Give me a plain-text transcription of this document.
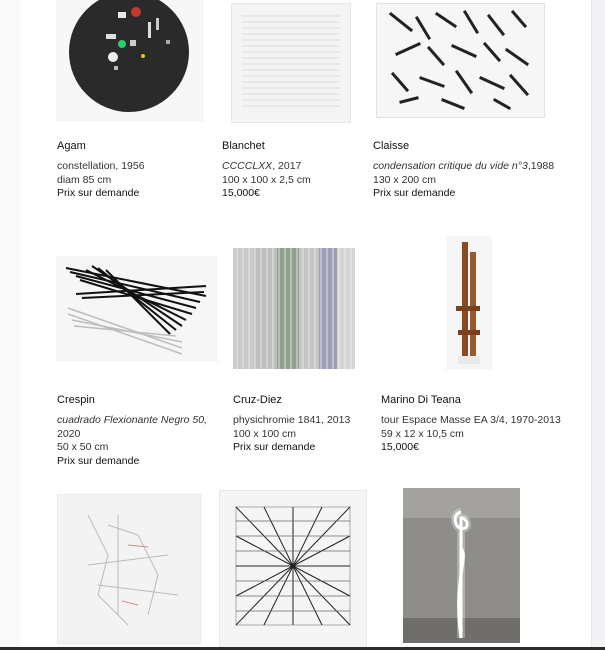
Agam
constellation, 1956
diam 85 cm
Prix sur demande
Blanchet
CCCCLXX, 2017
100 x 100 x 2,5 cm
15,000€
Claisse
condensation critique du vide n°3,1988
130 x 200 cm
Prix sur demande
Crespin
cuadrado Flexionante Negro 50,
2020
50 x 50 cm
Prix sur demande
Cruz-Diez
physichromie 1841, 2013
100 x 100 cm
Prix sur demande
Marino Di Teana
tour Espace Masse EA 3/4, 1970-2013
59 x 12 x 10,5 cm
15,000€
